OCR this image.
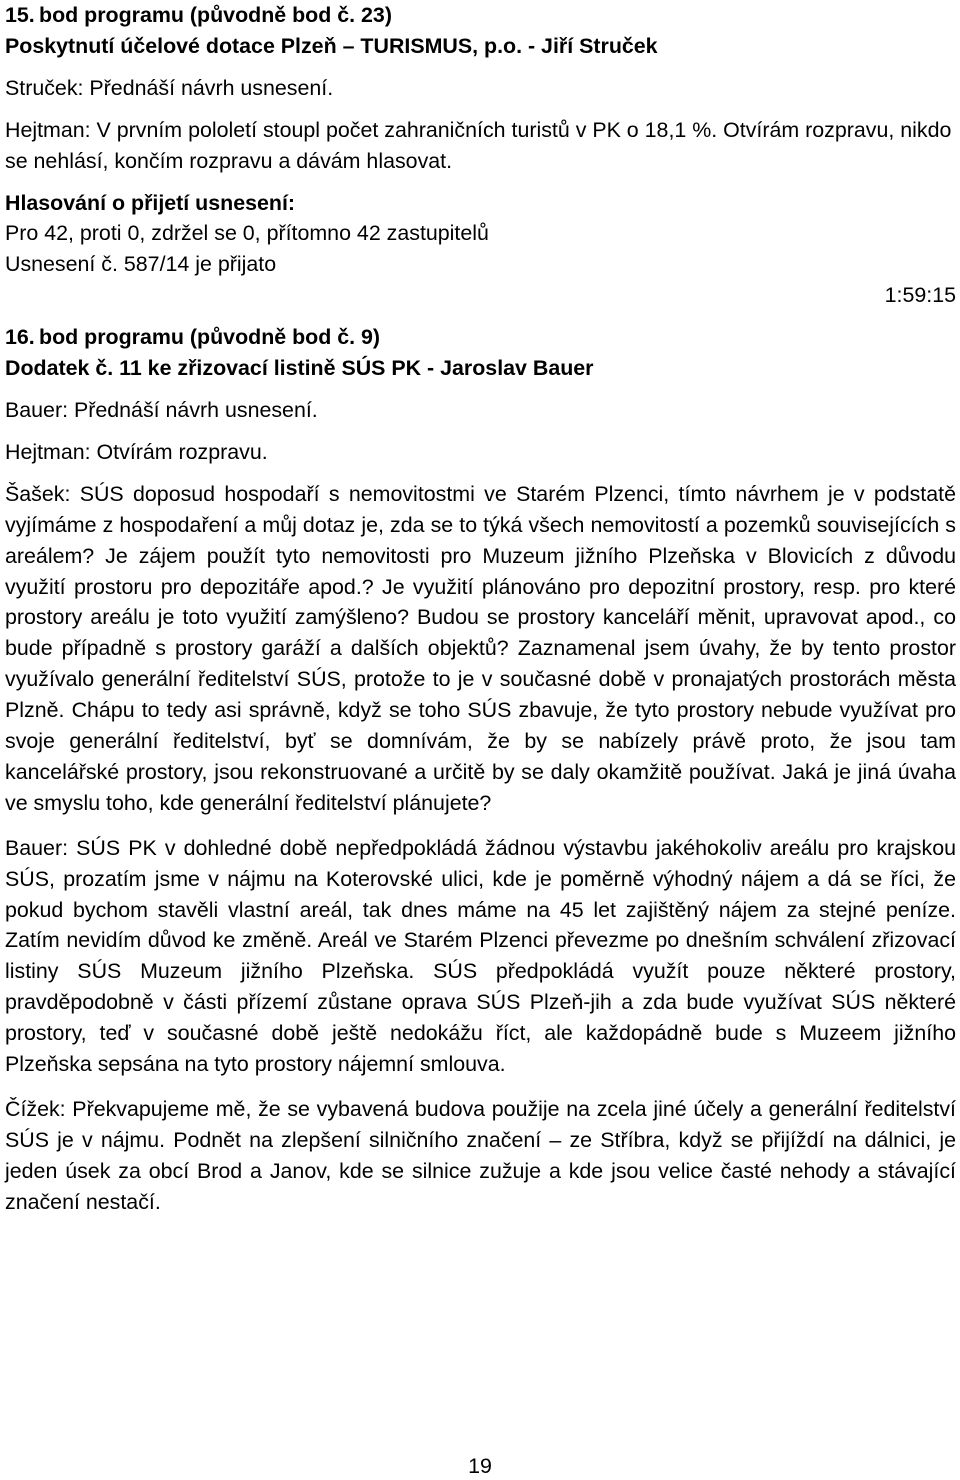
15. bod programu (původně bod č. 23)
Poskytnutí účelové dotace Plzeň – TURISMUS, p.o. - Jiří Struček

Struček: Přednáší návrh usnesení.

Hejtman: V prvním pololetí stoupl počet zahraničních turistů v PK o 18,1 %. Otvírám rozpravu, nikdo se nehlásí, končím rozpravu a dávám hlasovat.

Hlasování o přijetí usnesení:
Pro 42, proti 0, zdržel se 0, přítomno 42 zastupitelů
Usnesení č. 587/14 je přijato
1:59:15
16. bod programu (původně bod č. 9)
Dodatek č. 11 ke zřizovací listině SÚS PK - Jaroslav Bauer

Bauer: Přednáší návrh usnesení.

Hejtman: Otvírám rozpravu.

Šašek: SÚS doposud hospodaří s nemovitostmi ve Starém Plzenci, tímto návrhem je v podstatě vyjímáme z hospodaření a můj dotaz je, zda se to týká všech nemovitostí a pozemků souvisejících s areálem? Je zájem použít tyto nemovitosti pro Muzeum jižního Plzeňska v Blovicích z důvodu využití prostoru pro depozitáře apod.? Je využití plánováno pro depozitní prostory, resp. pro které prostory areálu je toto využití zamýšleno? Budou se prostory kanceláří měnit, upravovat apod., co bude případně s prostory garáží a dalších objektů? Zaznamenal jsem úvahy, že by tento prostor využívalo generální ředitelství SÚS, protože to je v současné době v pronajatých prostorách města Plzně. Chápu to tedy asi správně, když se toho SÚS zbavuje, že tyto prostory nebude využívat pro svoje generální ředitelství, byť se domnívám, že by se nabízely právě proto, že jsou tam kancelářské prostory, jsou rekonstruované a určitě by se daly okamžitě používat. Jaká je jiná úvaha ve smyslu toho, kde generální ředitelství plánujete?

Bauer: SÚS PK v dohledné době nepředpokládá žádnou výstavbu jakéhokoliv areálu pro krajskou SÚS, prozatím jsme v nájmu na Koterovské ulici, kde je poměrně výhodný nájem a dá se říci, že pokud bychom stavěli vlastní areál, tak dnes máme na 45 let zajištěný nájem za stejné peníze. Zatím nevidím důvod ke změně. Areál ve Starém Plzenci převezme po dnešním schválení zřizovací listiny SÚS Muzeum jižního Plzeňska. SÚS předpokládá využít pouze některé prostory, pravděpodobně v části přízemí zůstane oprava SÚS Plzeň-jih a zda bude využívat SÚS některé prostory, teď v současné době ještě nedokážu říct, ale každopádně bude s Muzeem jižního Plzeňska sepsána na tyto prostory nájemní smlouva.

Čížek: Překvapujeme mě, že se vybavená budova použije na zcela jiné účely a generální ředitelství SÚS je v nájmu. Podnět na zlepšení silničního značení – ze Stříbra, když se přijíždí na dálnici, je jeden úsek za obcí Brod a Janov, kde se silnice zužuje a kde jsou velice časté nehody a stávající značení nestačí.

19
